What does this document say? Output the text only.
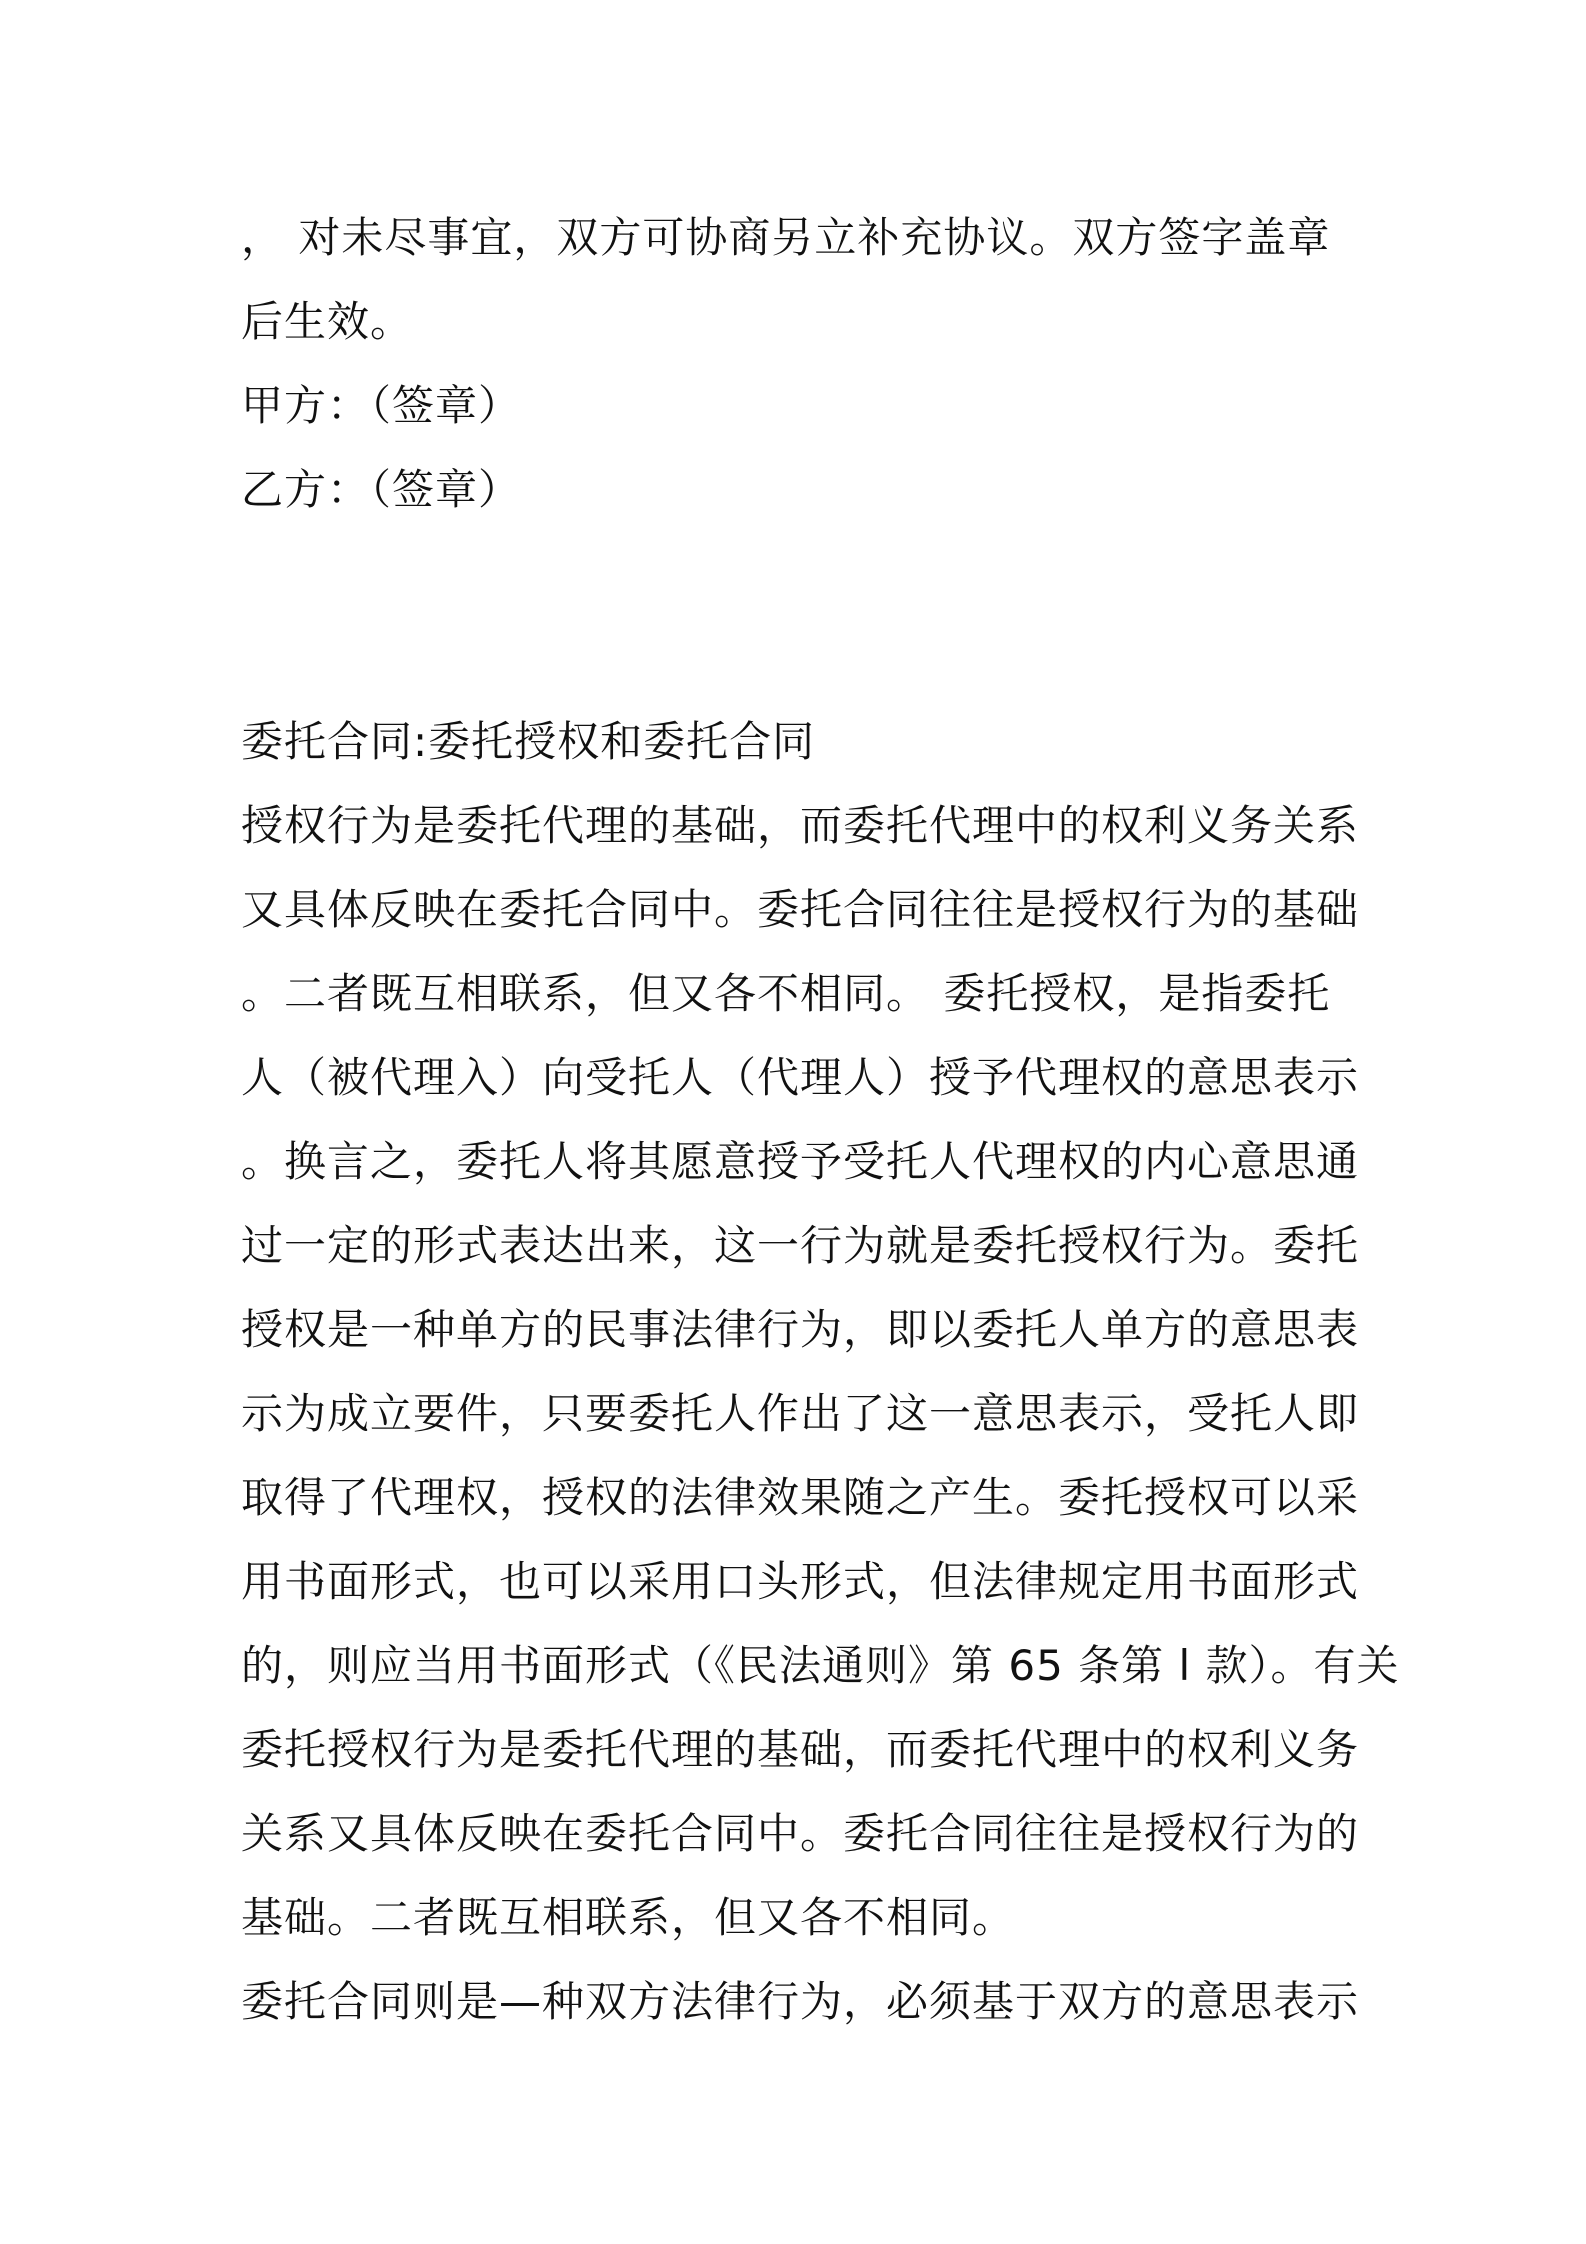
， 对未尽事宜，双方可协商另立补充协议。双方签字盖章
后生效。
甲方：（签章）
乙方：（签章）
委托合同:委托授权和委托合同
授权行为是委托代理的基础，而委托代理中的权利义务关系
又具体反映在委托合同中。委托合同往往是授权行为的基础
。二者既互相联系，但又各不相同。 委托授权，是指委托
人（被代理入）向受托人（代理人）授予代理权的意思表示
。换言之，委托人将其愿意授予受托人代理权的内心意思通
过一定的形式表达出来，这一行为就是委托授权行为。委托
授权是一种单方的民事法律行为，即以委托人单方的意思表
示为成立要件，只要委托人作出了这一意思表示，受托人即
取得了代理权，授权的法律效果随之产生。委托授权可以采
用书面形式，也可以采用口头形式，但法律规定用书面形式
的，则应当用书面形式（《民法通则》第 65 条第 l 款）。有关
委托授权行为是委托代理的基础，而委托代理中的权利义务
关系又具体反映在委托合同中。委托合同往往是授权行为的
基础。二者既互相联系，但又各不相同。
委托合同则是—种双方法律行为，必须基于双方的意思表示
